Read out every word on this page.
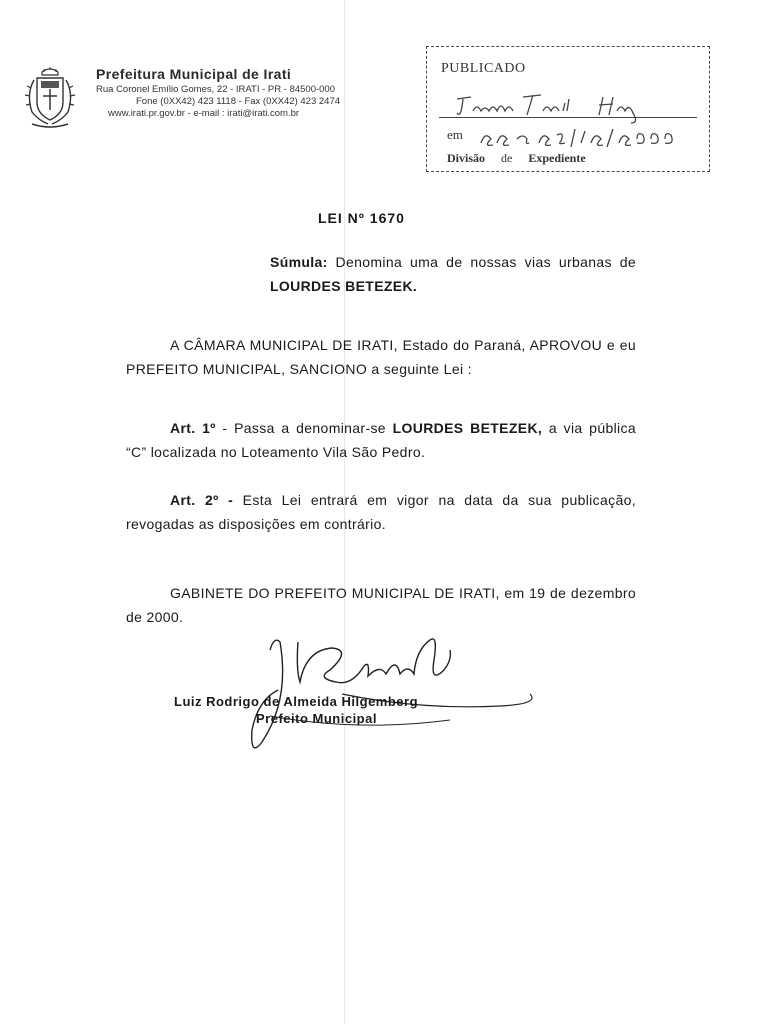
Prefeitura Municipal de Irati
Rua Coronel Emílio Gomes, 22 - IRATI - PR - 84500-000
Fone (0XX42) 423 1118 - Fax (0XX42) 423 2474
www.irati.pr.gov.br - e-mail : irati@irati.com.br
PUBLICADO
em
Divisão de Expediente
LEI Nº 1670
Súmula: Denomina uma de nossas vias urbanas de LOURDES BETEZEK.
A CÂMARA MUNICIPAL DE IRATI, Estado do Paraná, APROVOU e eu PREFEITO MUNICIPAL, SANCIONO a seguinte Lei :
Art. 1º - Passa a denominar-se LOURDES BETEZEK, a via pública “C” localizada no Loteamento Vila São Pedro.
Art. 2º - Esta Lei entrará em vigor na data da sua publicação, revogadas as disposições em contrário.
GABINETE DO PREFEITO MUNICIPAL DE IRATI, em 19 de dezembro de 2000.
Luiz Rodrigo de Almeida Hilgemberg
Prefeito Municipal
